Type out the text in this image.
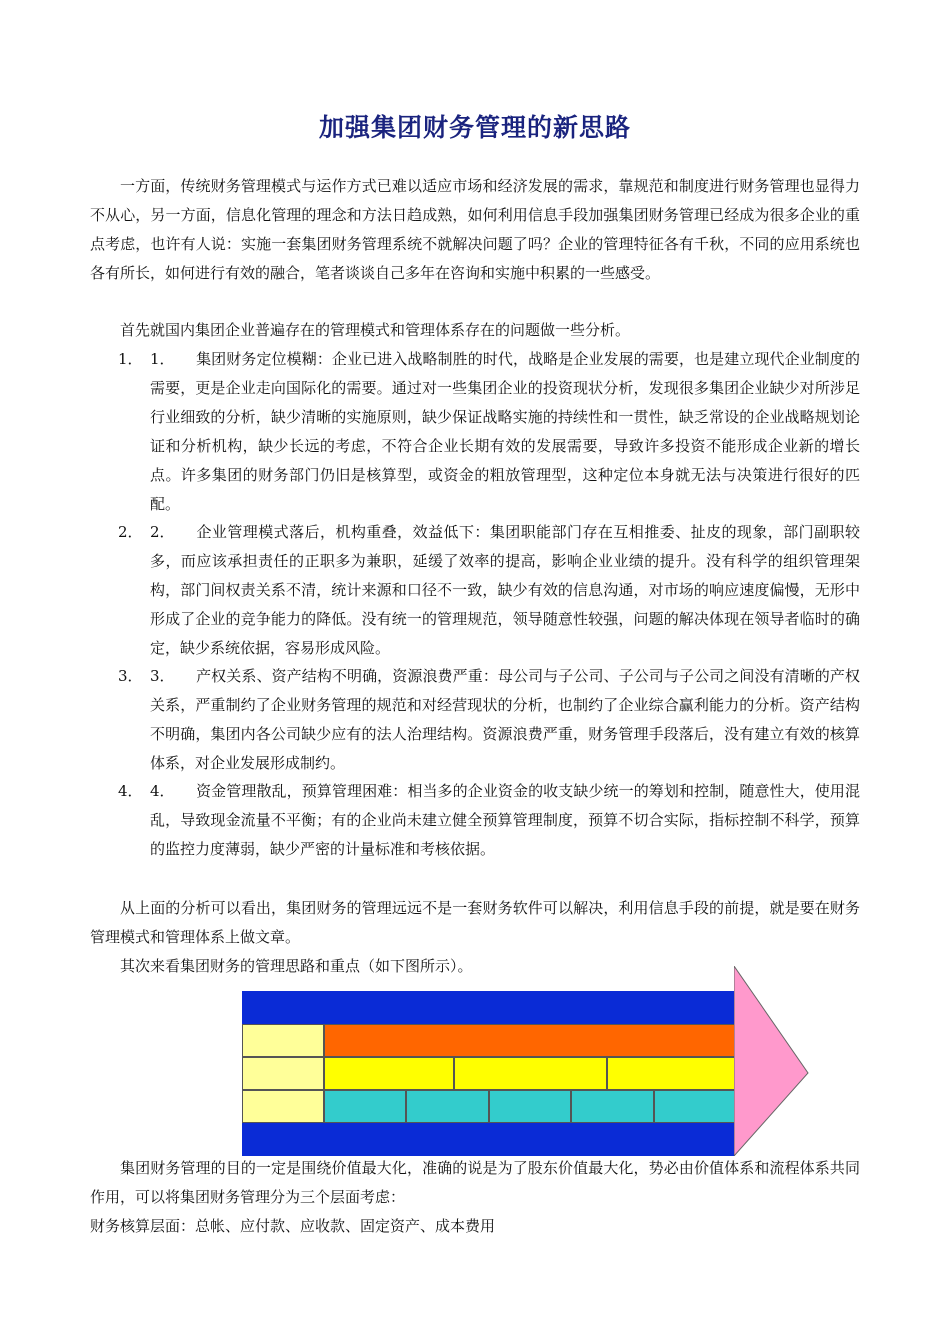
加强集团财务管理的新思路

一方面，传统财务管理模式与运作方式已难以适应市场和经济发展的需求，靠规范和制度进行财务管理也显得力不从心，另一方面，信息化管理的理念和方法日趋成熟，如何利用信息手段加强集团财务管理已经成为很多企业的重点考虑，也许有人说：实施一套集团财务管理系统不就解决问题了吗？企业的管理特征各有千秋，不同的应用系统也各有所长，如何进行有效的融合，笔者谈谈自己多年在咨询和实施中积累的一些感受。

首先就国内集团企业普遍存在的管理模式和管理体系存在的问题做一些分析。

1． 1． 集团财务定位模糊：企业已进入战略制胜的时代，战略是企业发展的需要，也是建立现代企业制度的需要，更是企业走向国际化的需要。通过对一些集团企业的投资现状分析，发现很多集团企业缺少对所涉足行业细致的分析，缺少清晰的实施原则，缺少保证战略实施的持续性和一贯性，缺乏常设的企业战略规划论证和分析机构，缺少长远的考虑，不符合企业长期有效的发展需要，导致许多投资不能形成企业新的增长点。许多集团的财务部门仍旧是核算型，或资金的粗放管理型，这种定位本身就无法与决策进行很好的匹配。
2． 2． 企业管理模式落后，机构重叠，效益低下：集团职能部门存在互相推委、扯皮的现象，部门副职较多，而应该承担责任的正职多为兼职，延缓了效率的提高，影响企业业绩的提升。没有科学的组织管理架构，部门间权责关系不清，统计来源和口径不一致，缺少有效的信息沟通，对市场的响应速度偏慢，无形中形成了企业的竞争能力的降低。没有统一的管理规范，领导随意性较强，问题的解决体现在领导者临时的确定，缺少系统依据，容易形成风险。
3． 3． 产权关系、资产结构不明确，资源浪费严重：母公司与子公司、子公司与子公司之间没有清晰的产权关系，严重制约了企业财务管理的规范和对经营现状的分析，也制约了企业综合赢利能力的分析。资产结构不明确，集团内各公司缺少应有的法人治理结构。资源浪费严重，财务管理手段落后，没有建立有效的核算体系，对企业发展形成制约。
4． 4． 资金管理散乱，预算管理困难：相当多的企业资金的收支缺少统一的筹划和控制，随意性大，使用混乱，导致现金流量不平衡；有的企业尚未建立健全预算管理制度，预算不切合实际，指标控制不科学，预算的监控力度薄弱，缺少严密的计量标准和考核依据。

从上面的分析可以看出，集团财务的管理远远不是一套财务软件可以解决，利用信息手段的前提，就是要在财务管理模式和管理体系上做文章。

其次来看集团财务的管理思路和重点（如下图所示）。

集团财务管理的目的一定是围绕价值最大化，准确的说是为了股东价值最大化，势必由价值体系和流程体系共同作用，可以将集团财务管理分为三个层面考虑：

财务核算层面：总帐、应付款、应收款、固定资产、成本费用
